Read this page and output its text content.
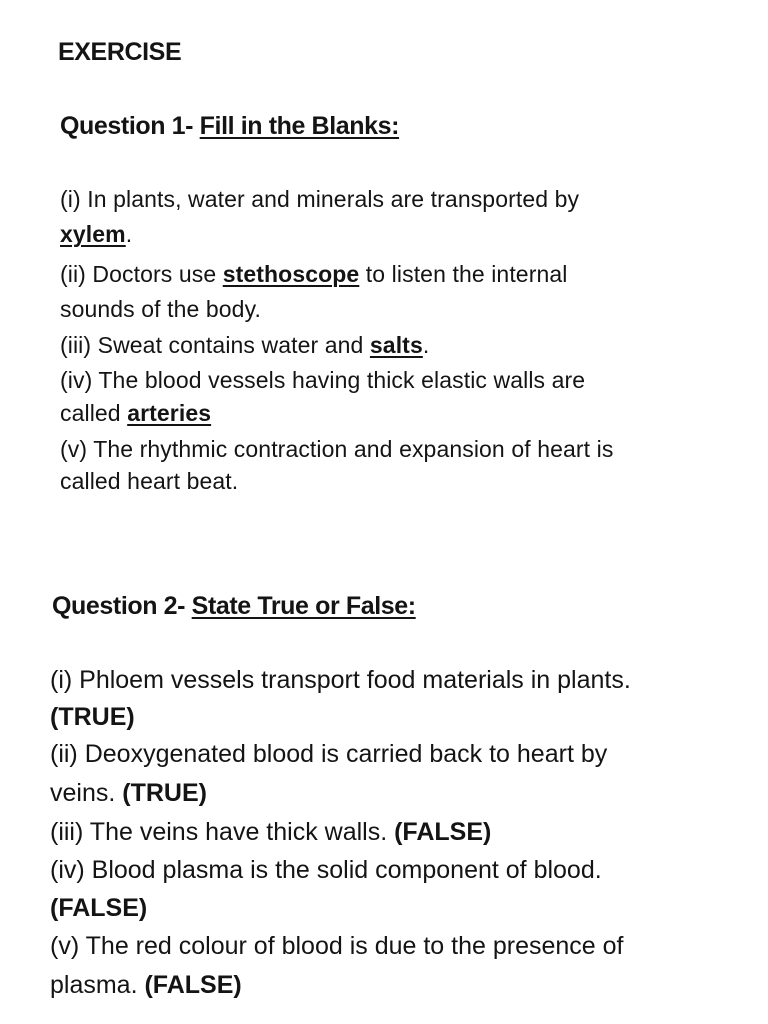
EXERCISE
Question 1- Fill in the Blanks:
(i) In plants, water and minerals are transported by
xylem.
(ii) Doctors use stethoscope to listen the internal
sounds of the body.
(iii) Sweat contains water and salts.
(iv) The blood vessels having thick elastic walls are
called arteries
(v) The rhythmic contraction and expansion of heart is
called heart beat.
Question 2- State True or False:
(i) Phloem vessels transport food materials in plants.
(TRUE)
(ii) Deoxygenated blood is carried back to heart by
veins. (TRUE)
(iii) The veins have thick walls. (FALSE)
(iv) Blood plasma is the solid component of blood.
(FALSE)
(v) The red colour of blood is due to the presence of
plasma. (FALSE)
